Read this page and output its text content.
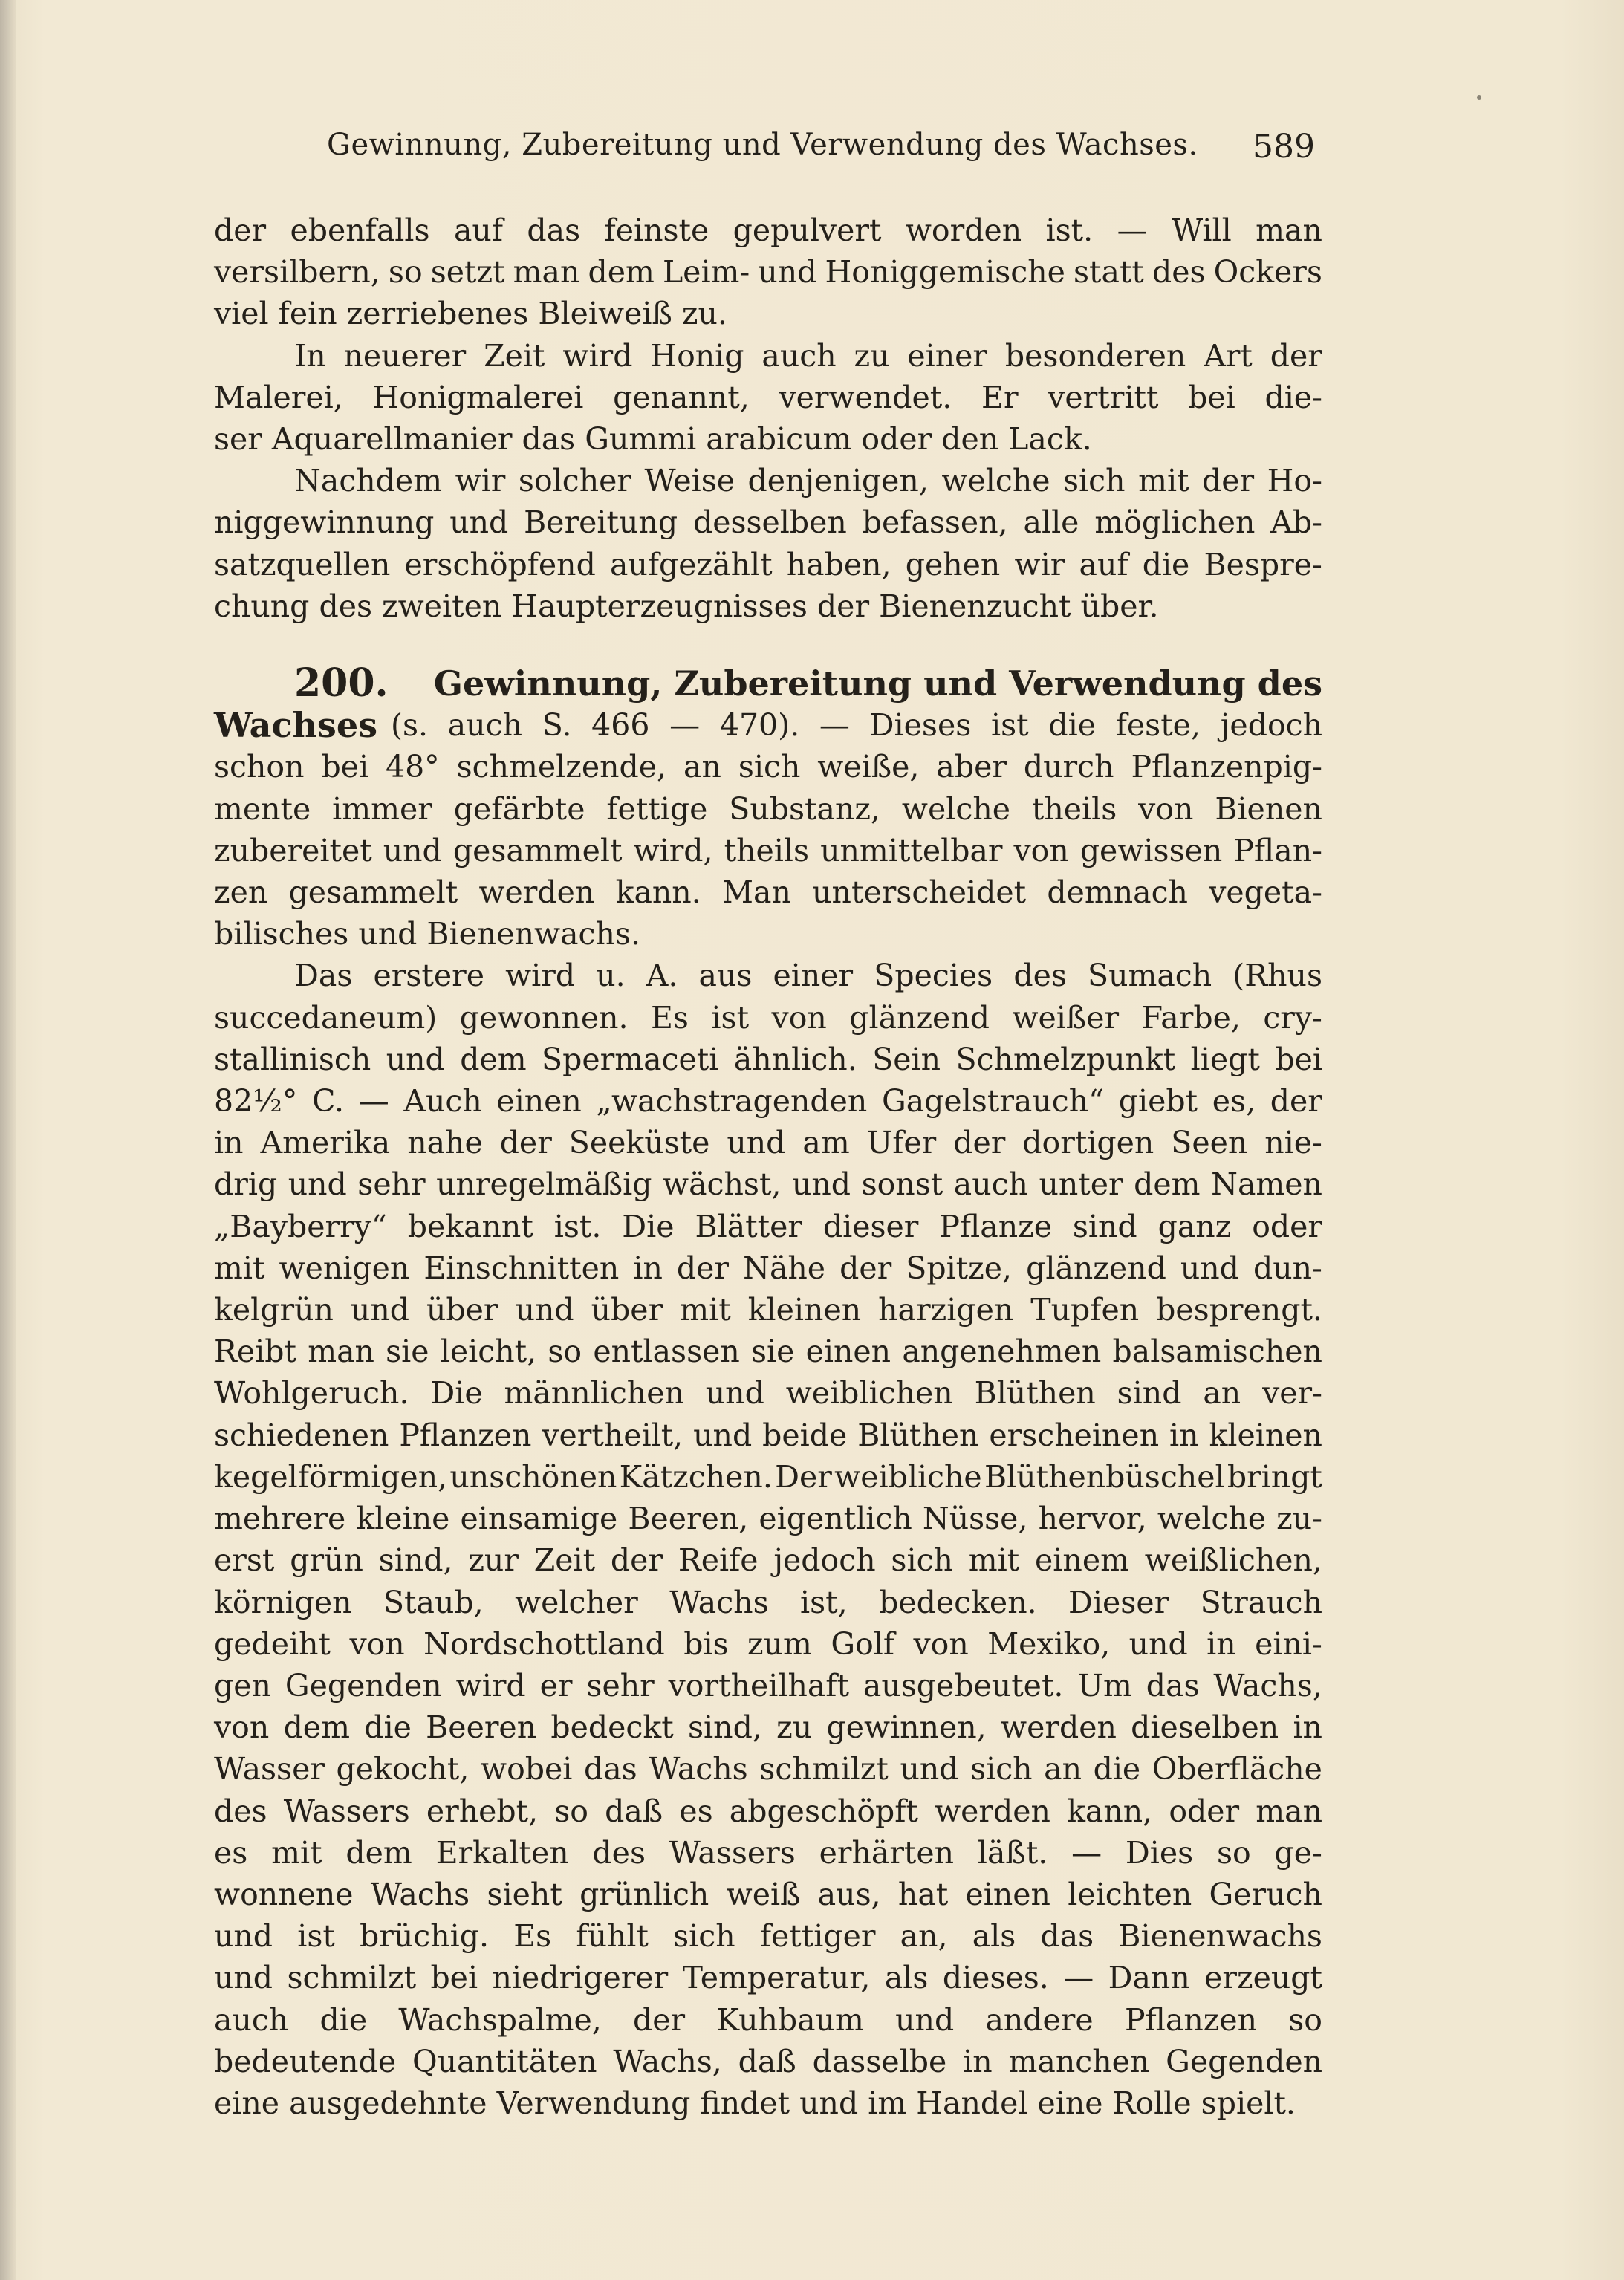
Gewinnung, Zubereitung und Verwendung des Wachses. 589
der ebenfalls auf das feinste gepulvert worden ist. — Will man
versilbern, so setzt man dem Leim- und Honiggemische statt des Ockers
viel fein zerriebenes Bleiweiß zu.
In neuerer Zeit wird Honig auch zu einer besonderen Art der
Malerei, Honigmalerei genannt, verwendet. Er vertritt bei die-
ser Aquarellmanier das Gummi arabicum oder den Lack.
Nachdem wir solcher Weise denjenigen, welche sich mit der Ho-
niggewinnung und Bereitung desselben befassen, alle möglichen Ab-
satzquellen erschöpfend aufgezählt haben, gehen wir auf die Bespre-
chung des zweiten Haupterzeugnisses der Bienenzucht über.
200. Gewinnung, Zubereitung und Verwendung des
Wachses (s. auch S. 466 — 470). — Dieses ist die feste, jedoch
schon bei 48° schmelzende, an sich weiße, aber durch Pflanzenpig-
mente immer gefärbte fettige Substanz, welche theils von Bienen
zubereitet und gesammelt wird, theils unmittelbar von gewissen Pflan-
zen gesammelt werden kann. Man unterscheidet demnach vegeta-
bilisches und Bienenwachs.
Das erstere wird u. A. aus einer Species des Sumach (Rhus
succedaneum) gewonnen. Es ist von glänzend weißer Farbe, cry-
stallinisch und dem Spermaceti ähnlich. Sein Schmelzpunkt liegt bei
82½° C. — Auch einen „wachstragenden Gagelstrauch“ giebt es, der
in Amerika nahe der Seeküste und am Ufer der dortigen Seen nie-
drig und sehr unregelmäßig wächst, und sonst auch unter dem Namen
„Bayberry“ bekannt ist. Die Blätter dieser Pflanze sind ganz oder
mit wenigen Einschnitten in der Nähe der Spitze, glänzend und dun-
kelgrün und über und über mit kleinen harzigen Tupfen besprengt.
Reibt man sie leicht, so entlassen sie einen angenehmen balsamischen
Wohlgeruch. Die männlichen und weiblichen Blüthen sind an ver-
schiedenen Pflanzen vertheilt, und beide Blüthen erscheinen in kleinen
kegelförmigen, unschönen Kätzchen. Der weibliche Blüthenbüschel bringt
mehrere kleine einsamige Beeren, eigentlich Nüsse, hervor, welche zu-
erst grün sind, zur Zeit der Reife jedoch sich mit einem weißlichen,
körnigen Staub, welcher Wachs ist, bedecken. Dieser Strauch
gedeiht von Nordschottland bis zum Golf von Mexiko, und in eini-
gen Gegenden wird er sehr vortheilhaft ausgebeutet. Um das Wachs,
von dem die Beeren bedeckt sind, zu gewinnen, werden dieselben in
Wasser gekocht, wobei das Wachs schmilzt und sich an die Oberfläche
des Wassers erhebt, so daß es abgeschöpft werden kann, oder man
es mit dem Erkalten des Wassers erhärten läßt. — Dies so ge-
wonnene Wachs sieht grünlich weiß aus, hat einen leichten Geruch
und ist brüchig. Es fühlt sich fettiger an, als das Bienenwachs
und schmilzt bei niedrigerer Temperatur, als dieses. — Dann erzeugt
auch die Wachspalme, der Kuhbaum und andere Pflanzen so
bedeutende Quantitäten Wachs, daß dasselbe in manchen Gegenden
eine ausgedehnte Verwendung findet und im Handel eine Rolle spielt.
